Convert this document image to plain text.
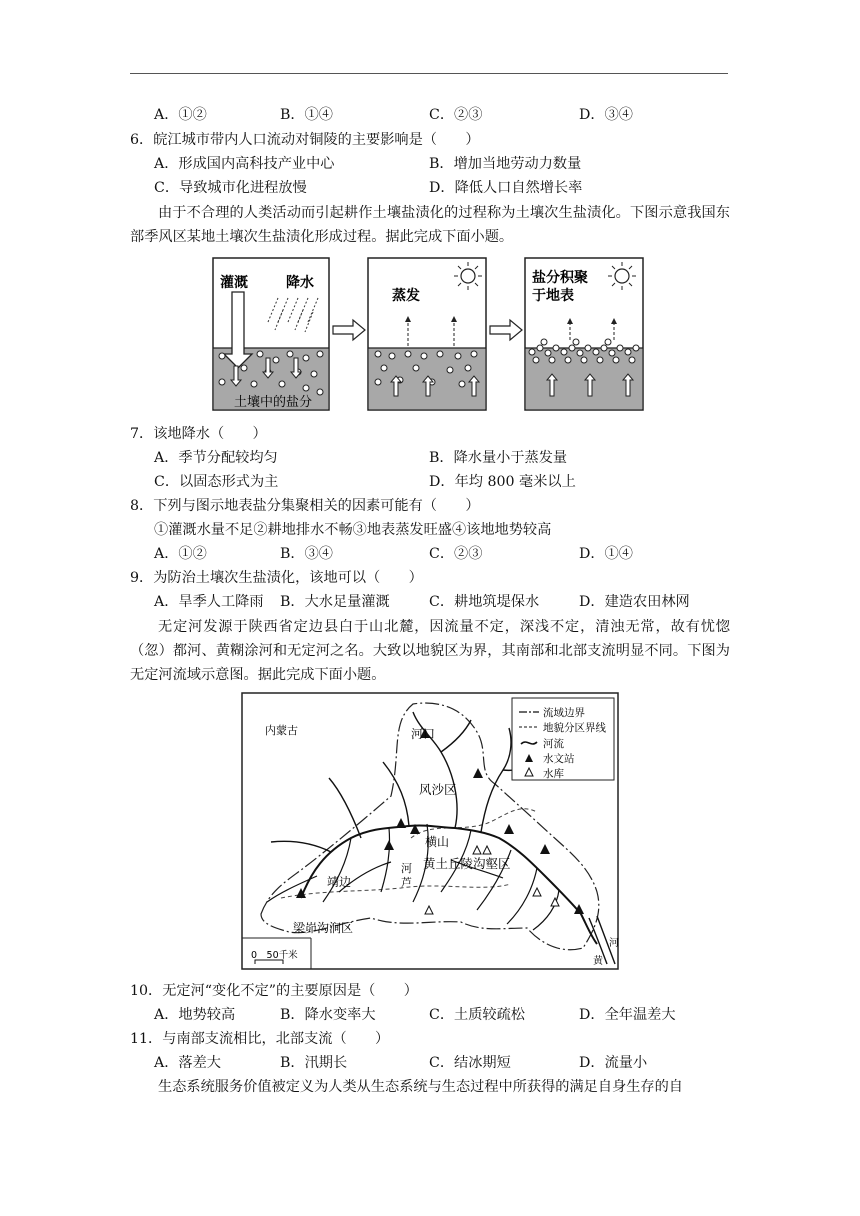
A．①②	B．①④	C．②③	D．③④
6．皖江城市带内人口流动对铜陵的主要影响是（　　）
A．形成国内高科技产业中心	B．增加当地劳动力数量
C．导致城市化进程放慢	D．降低人口自然增长率
由于不合理的人类活动而引起耕作土壤盐渍化的过程称为土壤次生盐渍化。下图示意我国东部季风区某地土壤次生盐渍化形成过程。据此完成下面小题。
灌溉	降水
土壤中的盐分
蒸发
盐分积聚
于地表
7．该地降水（　　）
A．季节分配较均匀	B．降水量小于蒸发量
C．以固态形式为主	D．年均 800 毫米以上
8．下列与图示地表盐分集聚相关的因素可能有（　　）
①灌溉水量不足②耕地排水不畅③地表蒸发旺盛④该地地势较高
A．①②	B．③④	C．②③	D．①④
9．为防治土壤次生盐渍化，该地可以（　　）
A．旱季人工降雨 B．大水足量灌溉	C．耕地筑堤保水	D．建造农田林网
无定河发源于陕西省定边县白于山北麓，因流量不定，深浅不定，清浊无常，故有忧惚（忽）都河、黄糊涂河和无定河之名。大致以地貌区为界，其南部和北部支流明显不同。下图为无定河流域示意图。据此完成下面小题。
流域边界
地貌分区界线
河流
水文站
水库
内蒙古	河口
风沙区
横山
黄土丘陵沟壑区
河
芦
靖边
梁峁沟涧区
河
黄
0　50千米
10．无定河“变化不定”的主要原因是（　　）
A．地势较高	B．降水变率大	C．土质较疏松	D．全年温差大
11．与南部支流相比，北部支流（　　）
A．落差大	B．汛期长	C．结冰期短	D．流量小
生态系统服务价值被定义为人类从生态系统与生态过程中所获得的满足自身生存的自
